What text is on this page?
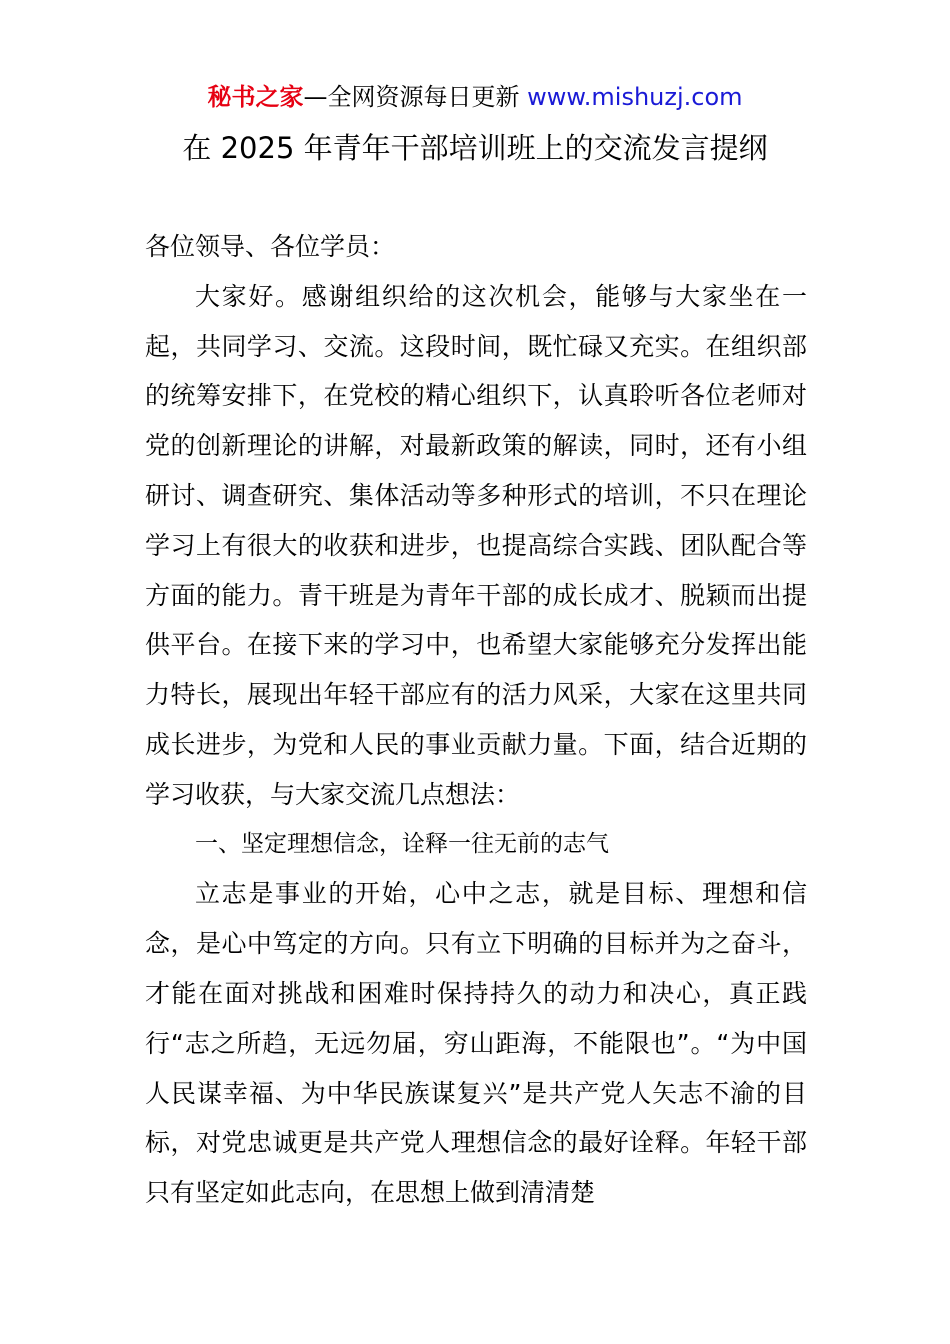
秘书之家—全网资源每日更新 www.mishuzj.com
在 2025 年青年干部培训班上的交流发言提纲

各位领导、各位学员：

大家好。感谢组织给的这次机会，能够与大家坐在一起，共同学习、交流。这段时间，既忙碌又充实。在组织部的统筹安排下，在党校的精心组织下，认真聆听各位老师对党的创新理论的讲解，对最新政策的解读，同时，还有小组研讨、调查研究、集体活动等多种形式的培训，不只在理论学习上有很大的收获和进步，也提高综合实践、团队配合等方面的能力。青干班是为青年干部的成长成才、脱颖而出提供平台。在接下来的学习中，也希望大家能够充分发挥出能力特长，展现出年轻干部应有的活力风采，大家在这里共同成长进步，为党和人民的事业贡献力量。下面，结合近期的学习收获，与大家交流几点想法：

一、坚定理想信念，诠释一往无前的志气

立志是事业的开始，心中之志，就是目标、理想和信念，是心中笃定的方向。只有立下明确的目标并为之奋斗，才能在面对挑战和困难时保持持久的动力和决心，真正践行“志之所趋，无远勿届，穷山距海，不能限也”。“为中国人民谋幸福、为中华民族谋复兴”是共产党人矢志不渝的目标，对党忠诚更是共产党人理想信念的最好诠释。年轻干部只有坚定如此志向，在思想上做到清清楚
